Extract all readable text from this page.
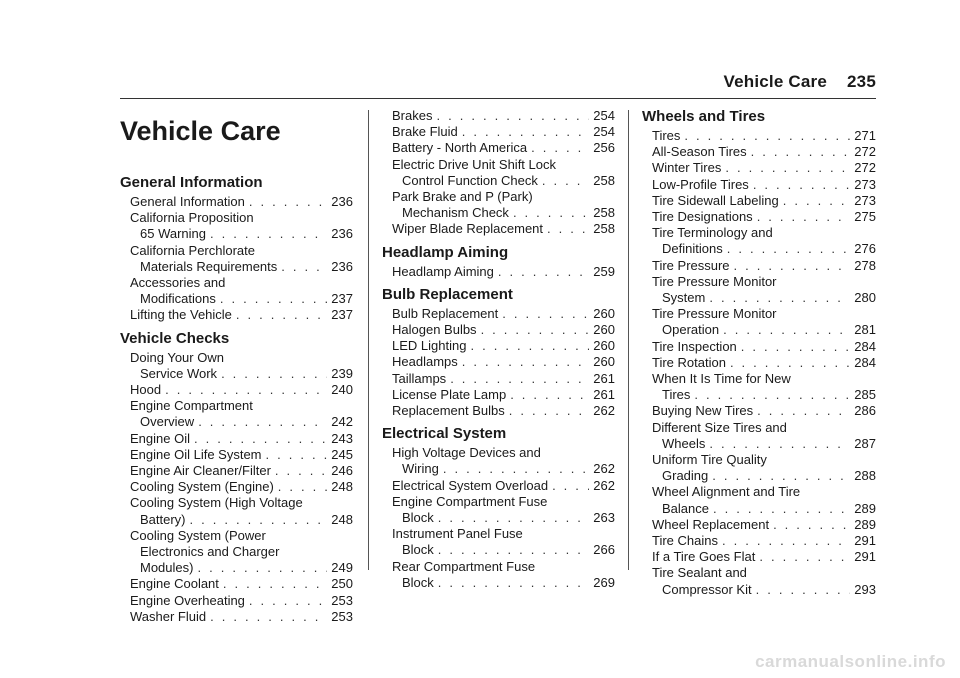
Vehicle Care 235
Vehicle Care
General Information
General Information . . .	236
California Proposition
65 Warning . . .	236
California Perchlorate
Materials Requirements . . .	236
Accessories and
Modifications . . .	237
Lifting the Vehicle . . .	237
Vehicle Checks
Doing Your Own
Service Work . . .	239
Hood . . .	240
Engine Compartment
Overview . . .	242
Engine Oil . . .	243
Engine Oil Life System . . .	245
Engine Air Cleaner/Filter . . .	246
Cooling System (Engine) . . .	248
Cooling System (High Voltage
Battery) . . .	248
Cooling System (Power
Electronics and Charger
Modules) . . .	249
Engine Coolant . . .	250
Engine Overheating . . .	253
Washer Fluid . . .	253
Brakes . . .	254
Brake Fluid . . .	254
Battery - North America . . .	256
Electric Drive Unit Shift Lock
Control Function Check . . .	258
Park Brake and P (Park)
Mechanism Check . . .	258
Wiper Blade Replacement . . .	258
Headlamp Aiming
Headlamp Aiming . . .	259
Bulb Replacement
Bulb Replacement . . .	260
Halogen Bulbs . . .	260
LED Lighting . . .	260
Headlamps . . .	260
Taillamps . . .	261
License Plate Lamp . . .	261
Replacement Bulbs . . .	262
Electrical System
High Voltage Devices and
Wiring . . .	262
Electrical System Overload . . .	262
Engine Compartment Fuse
Block . . .	263
Instrument Panel Fuse
Block . . .	266
Rear Compartment Fuse
Block . . .	269
Wheels and Tires
Tires . . .	271
All-Season Tires . . .	272
Winter Tires . . .	272
Low-Profile Tires . . .	273
Tire Sidewall Labeling . . .	273
Tire Designations . . .	275
Tire Terminology and
Definitions . . .	276
Tire Pressure . . .	278
Tire Pressure Monitor
System . . .	280
Tire Pressure Monitor
Operation . . .	281
Tire Inspection . . .	284
Tire Rotation . . .	284
When It Is Time for New
Tires . . .	285
Buying New Tires . . .	286
Different Size Tires and
Wheels . . .	287
Uniform Tire Quality
Grading . . .	288
Wheel Alignment and Tire
Balance . . .	289
Wheel Replacement . . .	289
Tire Chains . . .	291
If a Tire Goes Flat . . .	291
Tire Sealant and
Compressor Kit . . .	293
carmanualsonline.info
